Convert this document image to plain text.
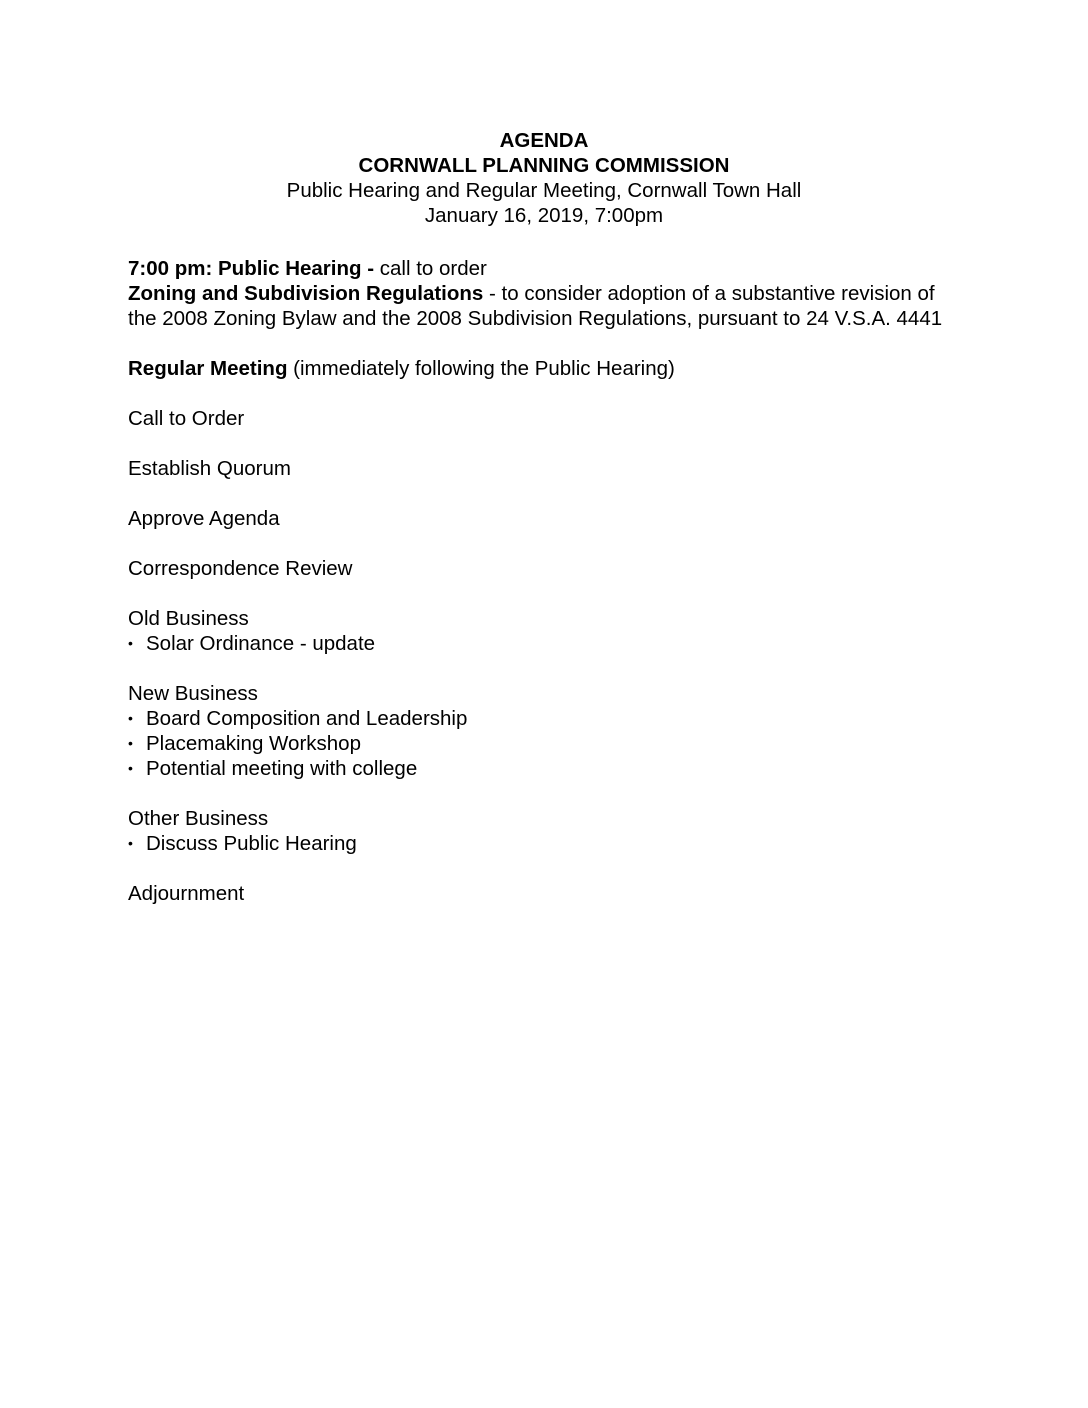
AGENDA
CORNWALL PLANNING COMMISSION
Public Hearing and Regular Meeting, Cornwall Town Hall
January 16, 2019, 7:00pm
7:00 pm: Public Hearing - call to order
Zoning and Subdivision Regulations - to consider adoption of a substantive revision of the 2008 Zoning Bylaw and the 2008 Subdivision Regulations, pursuant to 24 V.S.A. 4441
Regular Meeting (immediately following the Public Hearing)
Call to Order
Establish Quorum
Approve Agenda
Correspondence Review
Old Business
• Solar Ordinance - update
New Business
• Board Composition and Leadership
• Placemaking Workshop
• Potential meeting with college
Other Business
• Discuss Public Hearing
Adjournment
